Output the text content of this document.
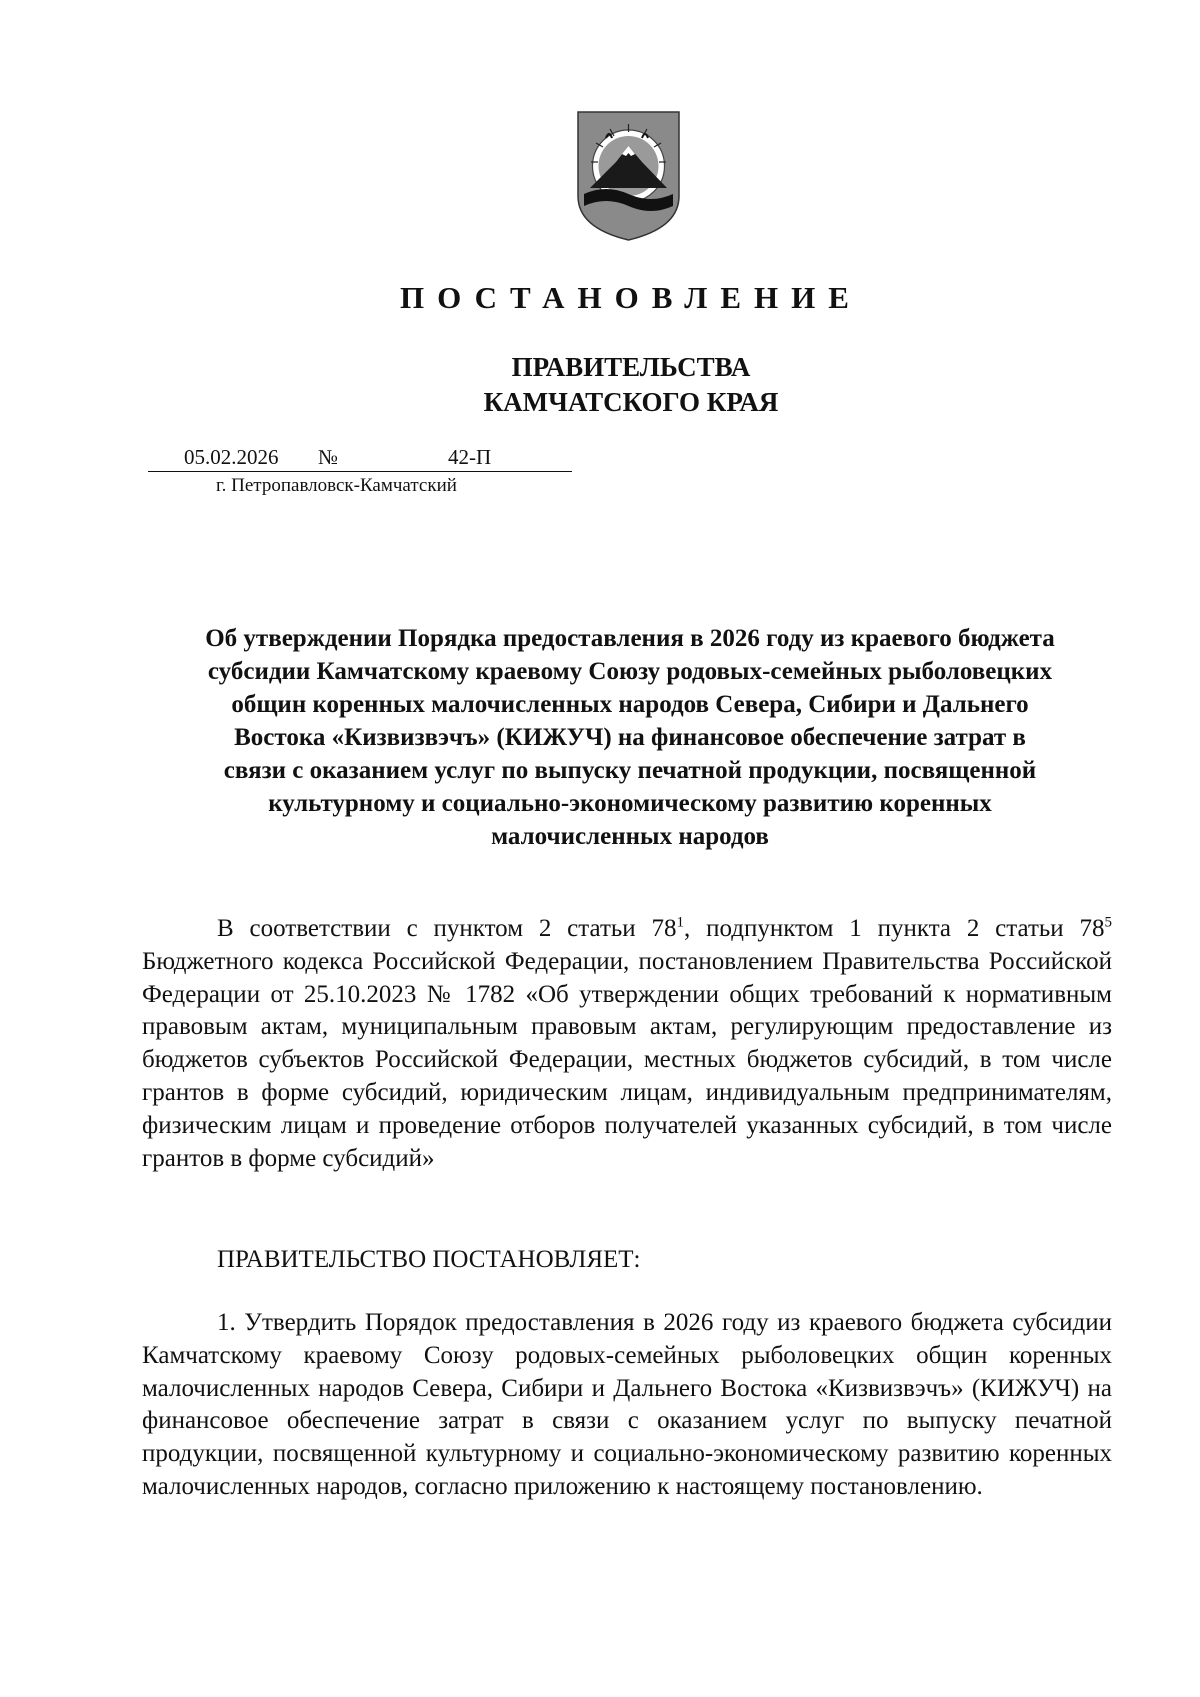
ПОСТАНОВЛЕНИЕ
ПРАВИТЕЛЬСТВА
КАМЧАТСКОГО КРАЯ
05.02.2026 №	42-П
г. Петропавловск-Камчатский
Об утверждении Порядка предоставления в 2026 году из краевого бюджета
субсидии Камчатскому краевому Союзу родовых-семейных рыболовецких
общин коренных малочисленных народов Севера, Сибири и Дальнего
Востока «Кизвизвэчъ» (КИЖУЧ) на финансовое обеспечение затрат в
связи с оказанием услуг по выпуску печатной продукции, посвященной
культурному и социально-экономическому развитию коренных
малочисленных народов
В соответствии с пунктом 2 статьи $78^1$, подпунктом 1 пункта 2 статьи $78^5$ Бюджетного кодекса Российской Федерации, постановлением Правительства Российской Федерации от 25.10.2023 № 1782 «Об утверждении общих требований к нормативным правовым актам, муниципальным правовым актам, регулирующим предоставление из бюджетов субъектов Российской Федерации, местных бюджетов субсидий, в том числе грантов в форме субсидий, юридическим лицам, индивидуальным предпринимателям, физическим лицам и проведение отборов получателей указанных субсидий, в том числе грантов в форме субсидий»
ПРАВИТЕЛЬСТВО ПОСТАНОВЛЯЕТ:
1. Утвердить Порядок предоставления в 2026 году из краевого бюджета субсидии Камчатскому краевому Союзу родовых-семейных рыболовецких общин коренных малочисленных народов Севера, Сибири и Дальнего Востока «Кизвизвэчъ» (КИЖУЧ) на финансовое обеспечение затрат в связи с оказанием услуг по выпуску печатной продукции, посвященной культурному и социально-экономическому развитию коренных малочисленных народов, согласно приложению к настоящему постановлению.
